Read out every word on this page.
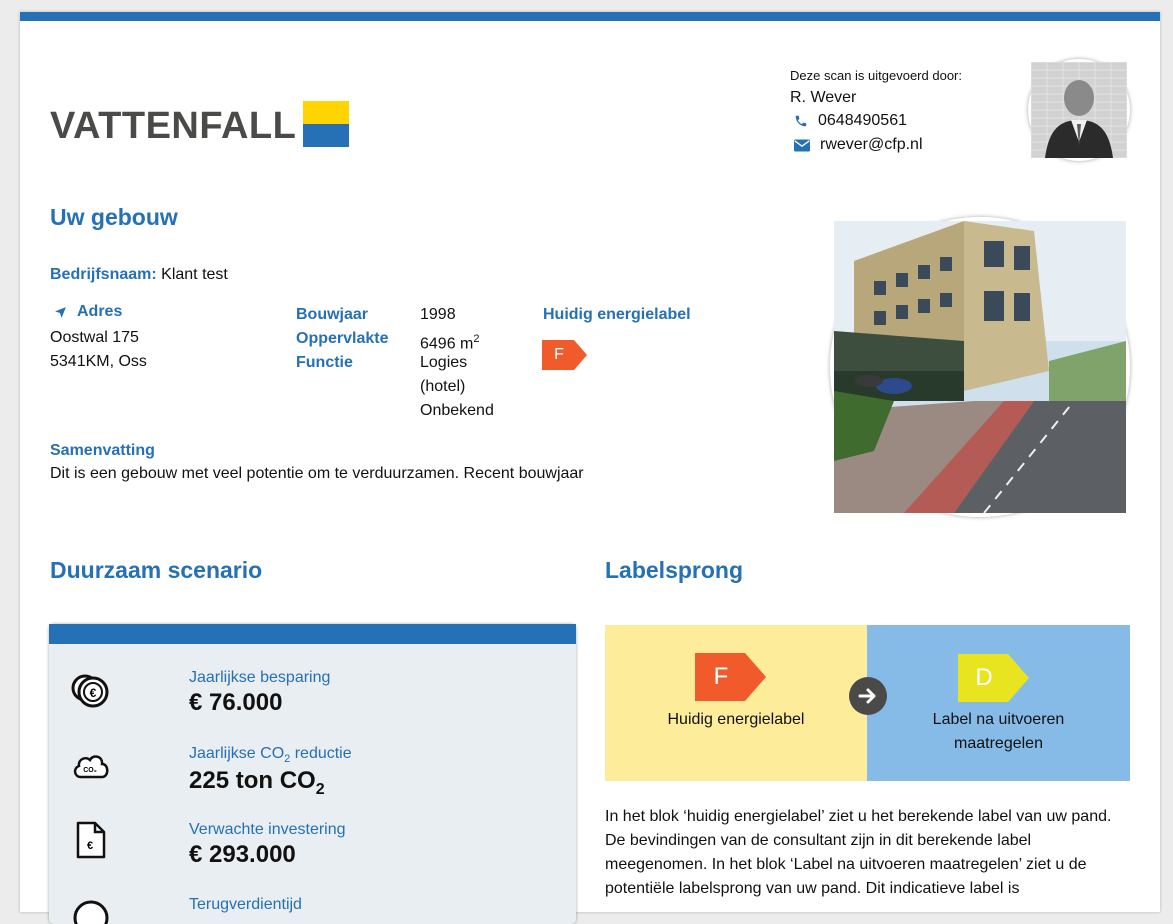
VATTENFALL
Deze scan is uitgevoerd door:
R. Wever
0648490561
rwever@cfp.nl
Uw gebouw
Bedrijfsnaam: Klant test
Adres
Oostwal 175
5341KM, Oss
Bouwjaar
Oppervlakte
Functie
1998
6496 $m^2$
Logies
(hotel)
Onbekend
Huidig energielabel
F
Samenvatting
Dit is een gebouw met veel potentie om te verduurzamen. Recent bouwjaar
Duurzaam scenario
€
Jaarlijkse besparing
€ 76.000
CO₂
Jaarlijkse $CO_2$ reductie
225 ton $CO_2$
€
Verwachte investering
€ 293.000
Terugverdientijd
Labelsprong
F
Huidig energielabel
D
Label na uitvoeren
maatregelen
In het blok ‘huidig energielabel’ ziet u het berekende label van uw pand. De bevindingen van de consultant zijn in dit berekende label meegenomen. In het blok ‘Label na uitvoeren maatregelen’ ziet u de potentiële labelsprong van uw pand. Dit indicatieve label is
